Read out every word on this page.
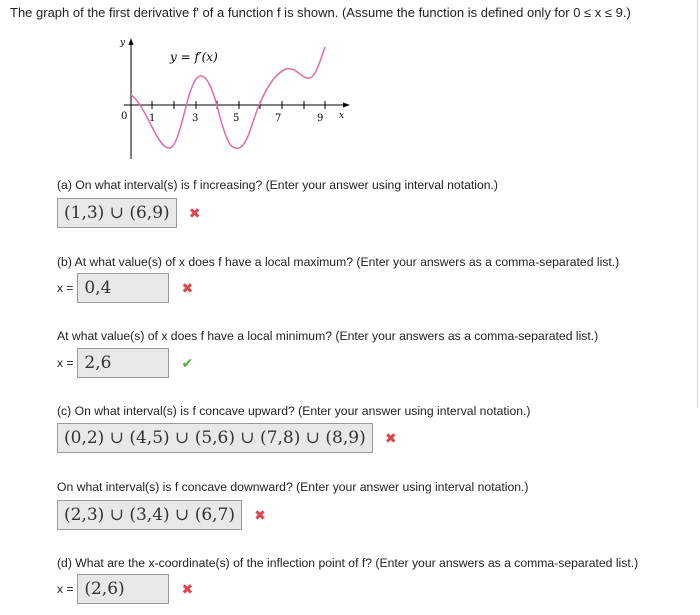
The graph of the first derivative f' of a function f is shown. (Assume the function is defined only for 0 ≤ x ≤ 9.)
y = f′(x)
y
x
0 1	3	5	7	9
(a) On what interval(s) is f increasing? (Enter your answer using interval notation.)
(1,3) ∪ (6,9)	✖
(b) At what value(s) of x does f have a local maximum? (Enter your answers as a comma-separated list.)
x = 0,4	✖
At what value(s) of x does f have a local minimum? (Enter your answers as a comma-separated list.)
x = 2,6	✔
(c) On what interval(s) is f concave upward? (Enter your answer using interval notation.)
(0,2) ∪ (4,5) ∪ (5,6) ∪ (7,8) ∪ (8,9)	✖
On what interval(s) is f concave downward? (Enter your answer using interval notation.)
(2,3) ∪ (3,4) ∪ (6,7)	✖
(d) What are the x-coordinate(s) of the inflection point of f? (Enter your answers as a comma-separated list.)
x = (2,6)	✖
